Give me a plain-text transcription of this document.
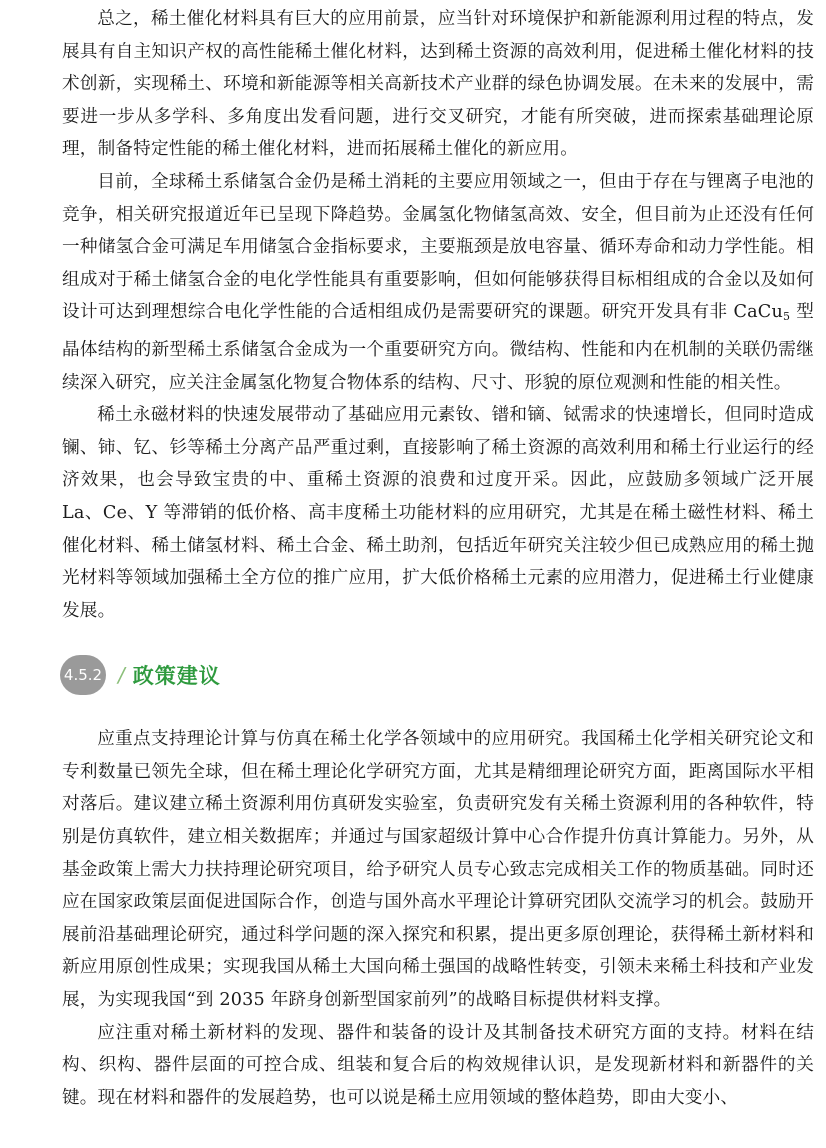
总之，稀土催化材料具有巨大的应用前景，应当针对环境保护和新能源利用过程的特点，发展具有自主知识产权的高性能稀土催化材料，达到稀土资源的高效利用，促进稀土催化材料的技术创新，实现稀土、环境和新能源等相关高新技术产业群的绿色协调发展。在未来的发展中，需要进一步从多学科、多角度出发看问题，进行交叉研究，才能有所突破，进而探索基础理论原理，制备特定性能的稀土催化材料，进而拓展稀土催化的新应用。

目前，全球稀土系储氢合金仍是稀土消耗的主要应用领域之一，但由于存在与锂离子电池的竞争，相关研究报道近年已呈现下降趋势。金属氢化物储氢高效、安全，但目前为止还没有任何一种储氢合金可满足车用储氢合金指标要求，主要瓶颈是放电容量、循环寿命和动力学性能。相组成对于稀土储氢合金的电化学性能具有重要影响，但如何能够获得目标相组成的合金以及如何设计可达到理想综合电化学性能的合适相组成仍是需要研究的课题。研究开发具有非 CaCu$_5$ 型晶体结构的新型稀土系储氢合金成为一个重要研究方向。微结构、性能和内在机制的关联仍需继续深入研究，应关注金属氢化物复合物体系的结构、尺寸、形貌的原位观测和性能的相关性。

稀土永磁材料的快速发展带动了基础应用元素钕、镨和镝、铽需求的快速增长，但同时造成镧、铈、钇、钐等稀土分离产品严重过剩，直接影响了稀土资源的高效利用和稀土行业运行的经济效果，也会导致宝贵的中、重稀土资源的浪费和过度开采。因此，应鼓励多领域广泛开展 La、Ce、Y 等滞销的低价格、高丰度稀土功能材料的应用研究，尤其是在稀土磁性材料、稀土催化材料、稀土储氢材料、稀土合金、稀土助剂，包括近年研究关注较少但已成熟应用的稀土抛光材料等领域加强稀土全方位的推广应用，扩大低价格稀土元素的应用潜力，促进稀土行业健康发展。

4.5.2 / 政策建议

应重点支持理论计算与仿真在稀土化学各领域中的应用研究。我国稀土化学相关研究论文和专利数量已领先全球，但在稀土理论化学研究方面，尤其是精细理论研究方面，距离国际水平相对落后。建议建立稀土资源利用仿真研发实验室，负责研究发有关稀土资源利用的各种软件，特别是仿真软件，建立相关数据库；并通过与国家超级计算中心合作提升仿真计算能力。另外，从基金政策上需大力扶持理论研究项目，给予研究人员专心致志完成相关工作的物质基础。同时还应在国家政策层面促进国际合作，创造与国外高水平理论计算研究团队交流学习的机会。鼓励开展前沿基础理论研究，通过科学问题的深入探究和积累，提出更多原创理论，获得稀土新材料和新应用原创性成果；实现我国从稀土大国向稀土强国的战略性转变，引领未来稀土科技和产业发展，为实现我国“到 2035 年跻身创新型国家前列”的战略目标提供材料支撑。

应注重对稀土新材料的发现、器件和装备的设计及其制备技术研究方面的支持。材料在结构、织构、器件层面的可控合成、组装和复合后的构效规律认识，是发现新材料和新器件的关键。现在材料和器件的发展趋势，也可以说是稀土应用领域的整体趋势，即由大变小、
